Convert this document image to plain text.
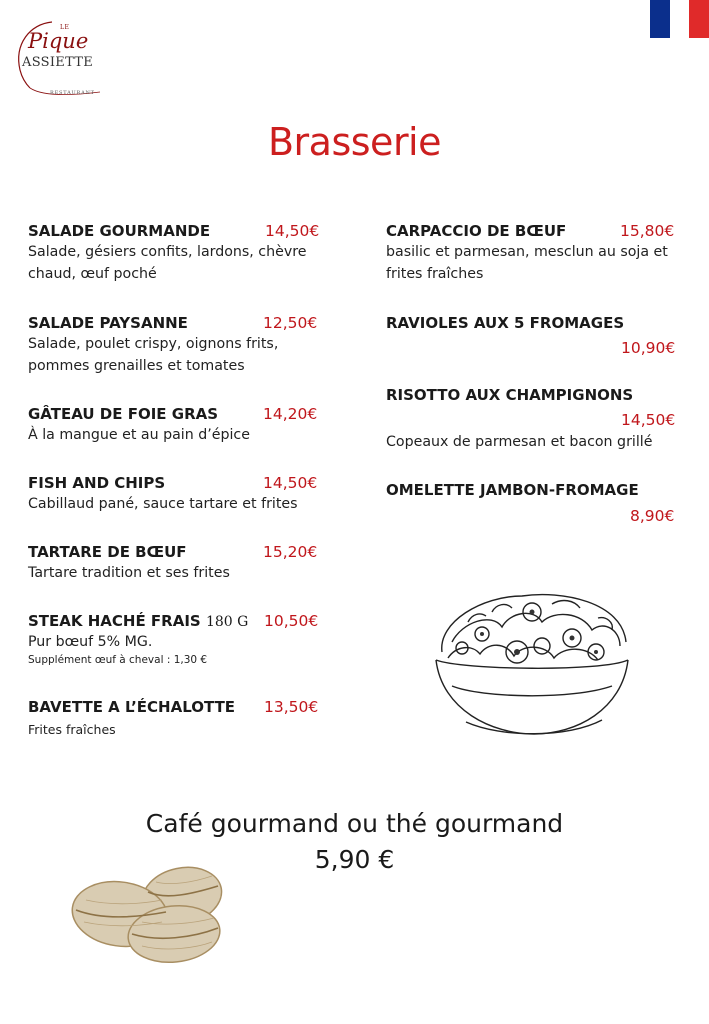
LE
Pique
ASSIETTE
RESTAURANT
Brasserie
SALADE GOURMANDE
Salade, gésiers confits, lardons, chèvre
chaud, œuf poché
14,50€
SALADE PAYSANNE
Salade, poulet crispy, oignons frits,
pommes grenailles et tomates
12,50€
GÂTEAU DE FOIE GRAS
À la mangue et au pain d’épice
14,20€
FISH AND CHIPS
Cabillaud pané, sauce tartare et frites
14,50€
TARTARE DE BŒUF
Tartare tradition et ses frites
15,20€
STEAK HACHÉ FRAIS 180 G
Pur bœuf 5% MG.
Supplément œuf à cheval : 1,30 €
10,50€
BAVETTE A L’ÉCHALOTTE
Frites fraîches
13,50€
CARPACCIO DE BŒUF
basilic et parmesan, mesclun au soja et
frites fraîches
15,80€
RAVIOLES AUX 5 FROMAGES
10,90€
RISOTTO AUX CHAMPIGNONS
Copeaux de parmesan et bacon grillé
14,50€
OMELETTE JAMBON-FROMAGE
8,90€
Café gourmand ou thé gourmand
5,90 €
